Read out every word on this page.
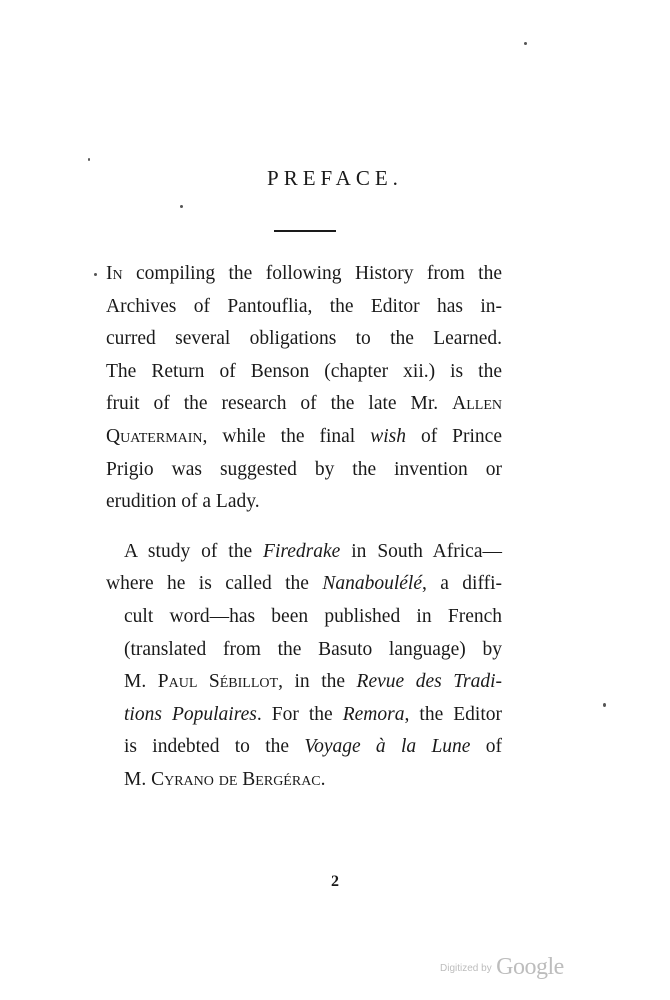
PREFACE.

In compiling the following History from the
Archives of Pantouflia, the Editor has in-
curred several obligations to the Learned.
The Return of Benson (chapter xii.) is the
fruit of the research of the late Mr. Allen
Quatermain, while the final wish of Prince
Prigio was suggested by the invention or
erudition of a Lady.

A study of the Firedrake in South Africa—
where he is called the Nanaboulélé, a diffi-
cult word—has been published in French
(translated from the Basuto language) by
M. Paul Sébillot, in the Revue des Tradi-
tions Populaires. For the Remora, the Editor
is indebted to the Voyage à la Lune of
M. Cyrano de Bergérac.

2
Digitized by Google
